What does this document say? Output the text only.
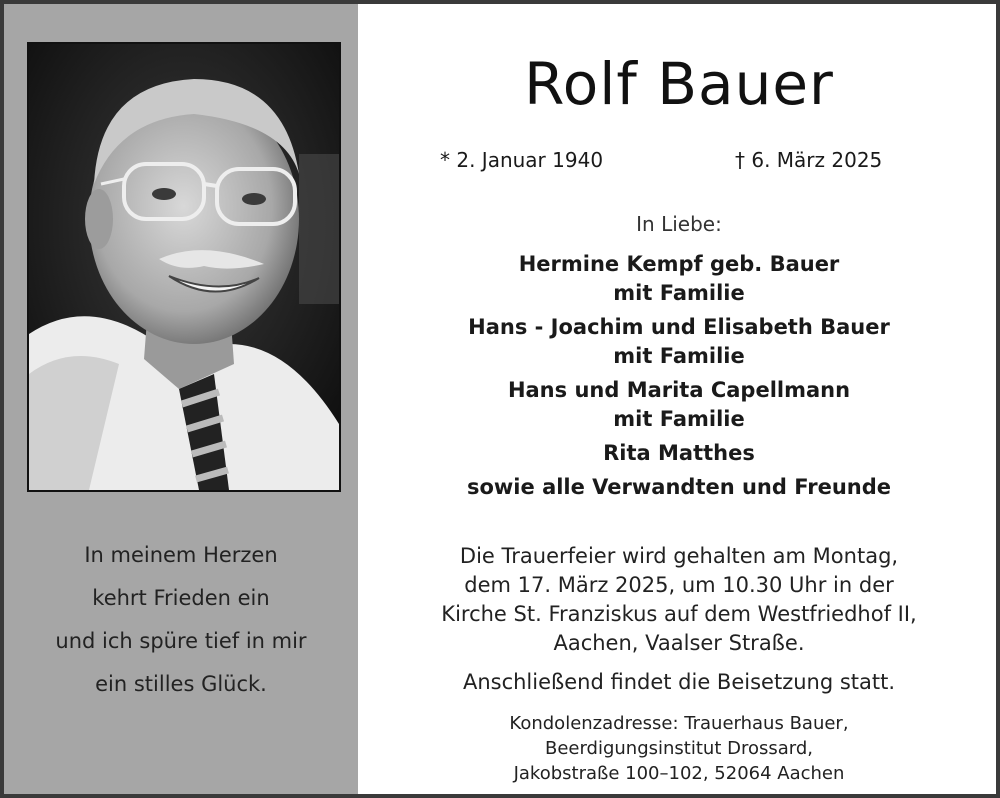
In meinem Herzen
kehrt Frieden ein
und ich spüre tief in mir
ein stilles Glück.
Rolf Bauer
* 2. Januar 1940	† 6. März 2025
In Liebe:
Hermine Kempf geb. Bauer
mit Familie
Hans - Joachim und Elisabeth Bauer
mit Familie
Hans und Marita Capellmann
mit Familie
Rita Matthes
sowie alle Verwandten und Freunde
Die Trauerfeier wird gehalten am Montag,
dem 17. März 2025, um 10.30 Uhr in der
Kirche St. Franziskus auf dem Westfriedhof II,
Aachen, Vaalser Straße.
Anschließend findet die Beisetzung statt.
Kondolenzadresse: Trauerhaus Bauer,
Beerdigungsinstitut Drossard,
Jakobstraße 100–102, 52064 Aachen
